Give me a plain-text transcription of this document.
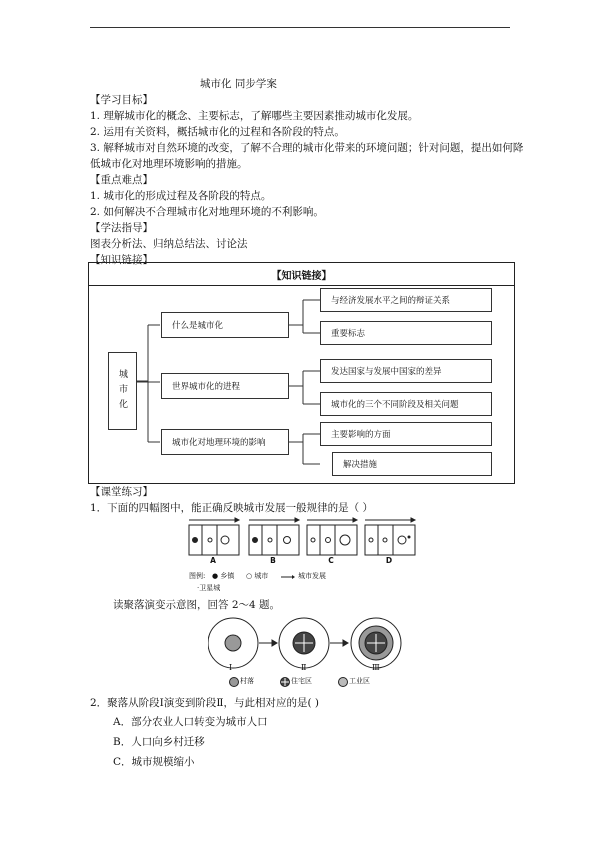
城市化 同步学案
【学习目标】
1. 理解城市化的概念、主要标志，了解哪些主要因素推动城市化发展。
2. 运用有关资料，概括城市化的过程和各阶段的特点。
3. 解释城市对自然环境的改变，了解不合理的城市化带来的环境问题；针对问题，提出如何降
低城市化对地理环境影响的措施。
【重点难点】
1. 城市化的形成过程及各阶段的特点。
2. 如何解决不合理城市化对地理环境的不利影响。
【学法指导】
图表分析法、归纳总结法、讨论法
【知识链接】
【知识链接】
城市化
什么是城市化
世界城市化的进程
城市化对地理环境的影响
与经济发展水平之间的辩证关系
重要标志
发达国家与发展中国家的差异
城市化的三个不同阶段及相关问题
主要影响的方面
解决措施
【课堂练习】
1．下面的四幅图中，能正确反映城市发展一般规律的是（ ）
A	B	C	D
图例: ● 乡镇 ○ 城市	城市发展
·卫星城
读聚落演变示意图，回答 2～4 题。
Ⅰ	Ⅱ	Ⅲ
村落	住宅区	工业区
2．聚落从阶段Ⅰ演变到阶段Ⅱ，与此相对应的是( )
A．部分农业人口转变为城市人口
B．人口向乡村迁移
C．城市规模缩小
